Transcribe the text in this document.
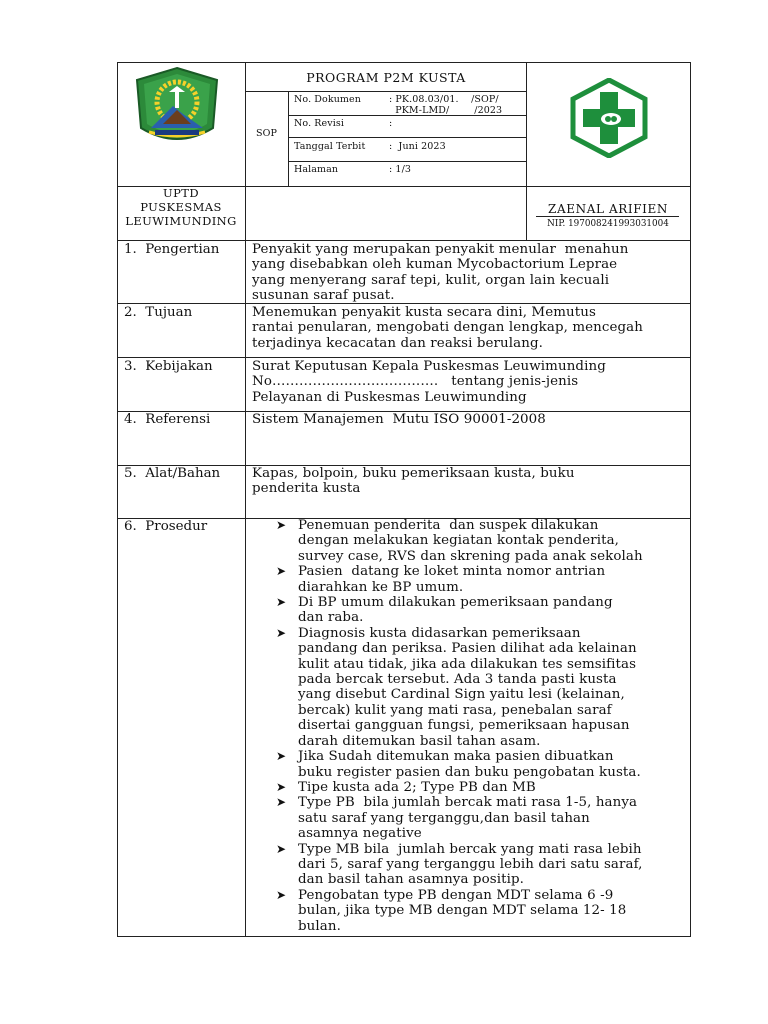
PROGRAM P2M KUSTA
SOP
No. Dokumen	: PK.08.03/01.    /SOP/
PKM-LMD/        /2023
No. Revisi	:
Tanggal Terbit :  Juni 2023
Halaman	: 1/3
UPTD
PUSKESMAS
LEUWIMUNDING
ZAENAL ARIFIEN
NIP. 197008241993031004
1.  Pengertian Penyakit yang merupakan penyakit menular  menahun
yang disebabkan oleh kuman Mycobactorium Leprae
yang menyerang saraf tepi, kulit, organ lain kecuali
susunan saraf pusat.
2.  Tujuan	Menemukan penyakit kusta secara dini, Memutus
rantai penularan, mengobati dengan lengkap, mencegah
terjadinya kecacatan dan reaksi berulang.
3.  Kebijakan	Surat Keputusan Kepala Puskesmas Leuwimunding
No……………………………….   tentang jenis-jenis
Pelayanan di Puskesmas Leuwimunding
4.  Referensi	Sistem Manajemen  Mutu ISO 90001-2008
5.  Alat/Bahan Kapas, bolpoin, buku pemeriksaan kusta, buku
penderita kusta
6.  Prosedur	➤ Penemuan penderita  dan suspek dilakukan
dengan melakukan kegiatan kontak penderita,
survey case, RVS dan skrening pada anak sekolah
➤ Pasien  datang ke loket minta nomor antrian
diarahkan ke BP umum.
➤ Di BP umum dilakukan pemeriksaan pandang
dan raba.
➤ Diagnosis kusta didasarkan pemeriksaan
pandang dan periksa. Pasien dilihat ada kelainan
kulit atau tidak, jika ada dilakukan tes semsifitas
pada bercak tersebut. Ada 3 tanda pasti kusta
yang disebut Cardinal Sign yaitu lesi (kelainan,
bercak) kulit yang mati rasa, penebalan saraf
disertai gangguan fungsi, pemeriksaan hapusan
darah ditemukan basil tahan asam.
➤ Jika Sudah ditemukan maka pasien dibuatkan
buku register pasien dan buku pengobatan kusta.
➤ Tipe kusta ada 2; Type PB dan MB
➤ Type PB  bila jumlah bercak mati rasa 1-5, hanya
satu saraf yang terganggu,dan basil tahan
asamnya negative
➤ Type MB bila  jumlah bercak yang mati rasa lebih
dari 5, saraf yang terganggu lebih dari satu saraf,
dan basil tahan asamnya positip.
➤ Pengobatan type PB dengan MDT selama 6 -9
bulan, jika type MB dengan MDT selama 12- 18
bulan.
